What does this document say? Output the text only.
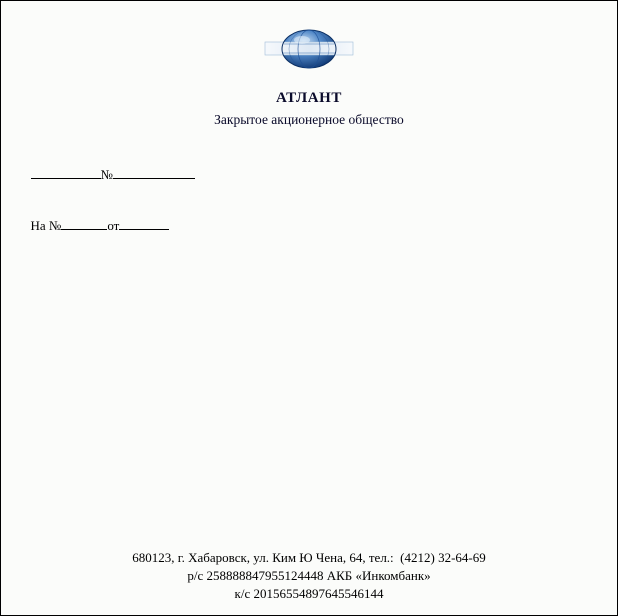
АТЛАНТ
Закрытое акционерное общество

№

На №	от

680123, г. Хабаровск, ул. Ким Ю Чена, 64, тел.:  (4212) 32-64-69
р/с 258888847955124448 АКБ «Инкомбанк»
к/с 20156554897645546144
